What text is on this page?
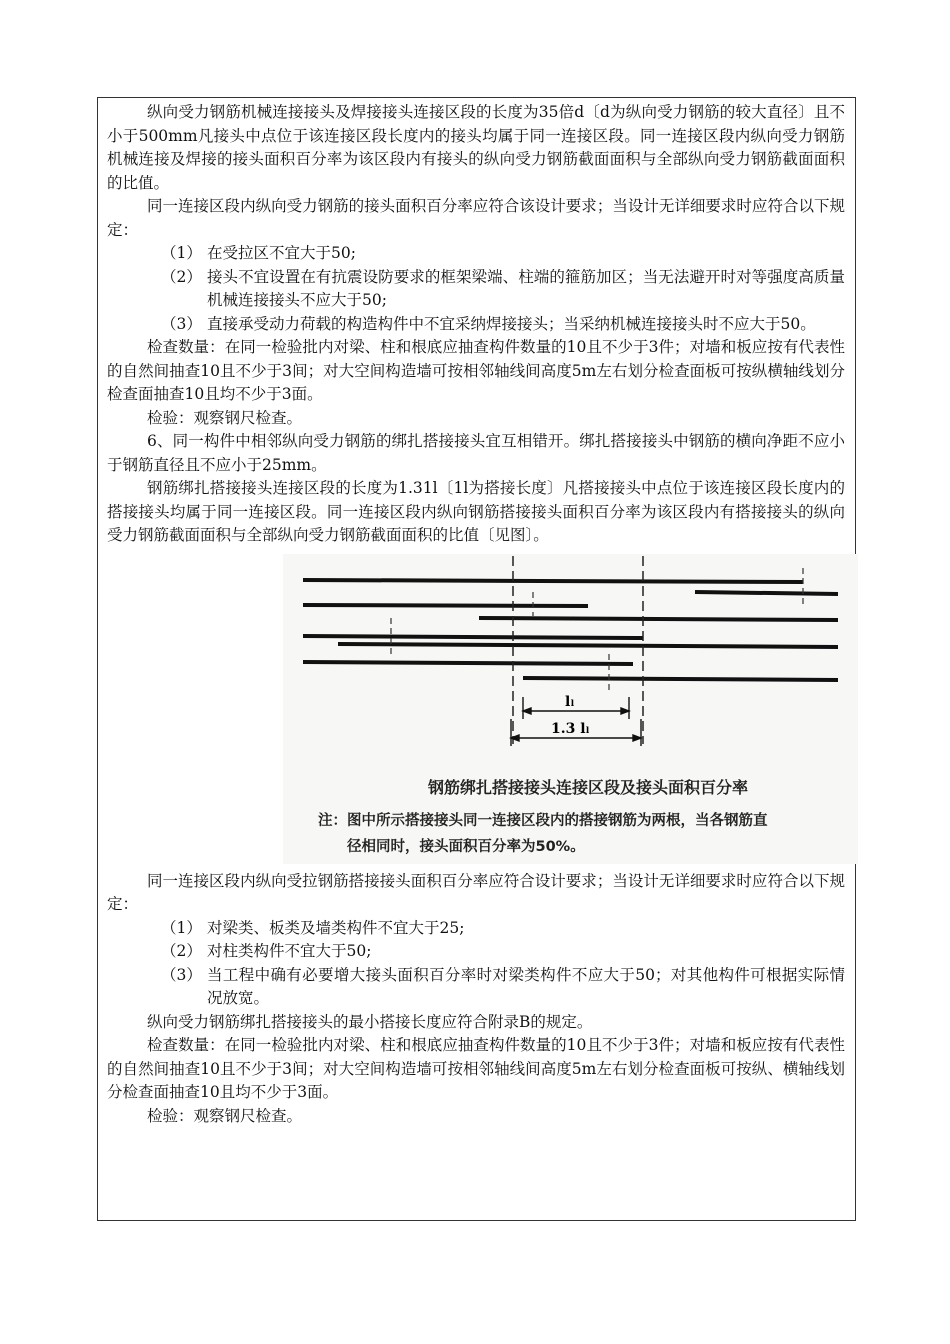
纵向受力钢筋机械连接接头及焊接接头连接区段的长度为35倍d〔d为纵向受力钢筋的较大直径〕且不小于500mm凡接头中点位于该连接区段长度内的接头均属于同一连接区段。同一连接区段内纵向受力钢筋机械连接及焊接的接头面积百分率为该区段内有接头的纵向受力钢筋截面面积与全部纵向受力钢筋截面面积的比值。

同一连接区段内纵向受力钢筋的接头面积百分率应符合该设计要求；当设计无详细要求时应符合以下规定：

（1） 在受拉区不宜大于50;
（2） 接头不宜设置在有抗震设防要求的框架梁端、柱端的箍筋加区；当无法避开时对等强度高质量机械连接接头不应大于50;
（3） 直接承受动力荷载的构造构件中不宜采纳焊接接头；当采纳机械连接接头时不应大于50。

检查数量：在同一检验批内对梁、柱和根底应抽查构件数量的10且不少于3件；对墙和板应按有代表性的自然间抽查10且不少于3间；对大空间构造墙可按相邻轴线间高度5m左右划分检查面板可按纵横轴线划分检查面抽查10且均不少于3面。

检验：观察钢尺检查。

6、同一构件中相邻纵向受力钢筋的绑扎搭接接头宜互相错开。绑扎搭接接头中钢筋的横向净距不应小于钢筋直径且不应小于25mm。

钢筋绑扎搭接接头连接区段的长度为1.31l〔1l为搭接长度〕凡搭接接头中点位于该连接区段长度内的搭接接头均属于同一连接区段。同一连接区段内纵向钢筋搭接接头面积百分率为该区段内有搭接接头的纵向受力钢筋截面面积与全部纵向受力钢筋截面面积的比值〔见图〕。

lₗ
1.3 lₗ
钢筋绑扎搭接接头连接区段及接头面积百分率
注：图中所示搭接接头同一连接区段内的搭接钢筋为两根，当各钢筋直
径相同时，接头面积百分率为50%。

同一连接区段内纵向受拉钢筋搭接接头面积百分率应符合设计要求；当设计无详细要求时应符合以下规定：

（1） 对梁类、板类及墙类构件不宜大于25;
（2） 对柱类构件不宜大于50;
（3） 当工程中确有必要增大接头面积百分率时对梁类构件不应大于50；对其他构件可根据实际情况放宽。

纵向受力钢筋绑扎搭接接头的最小搭接长度应符合附录B的规定。

检查数量：在同一检验批内对梁、柱和根底应抽查构件数量的10且不少于3件；对墙和板应按有代表性的自然间抽查10且不少于3间；对大空间构造墙可按相邻轴线间高度5m左右划分检查面板可按纵、横轴线划分检查面抽查10且均不少于3面。

检验：观察钢尺检查。
